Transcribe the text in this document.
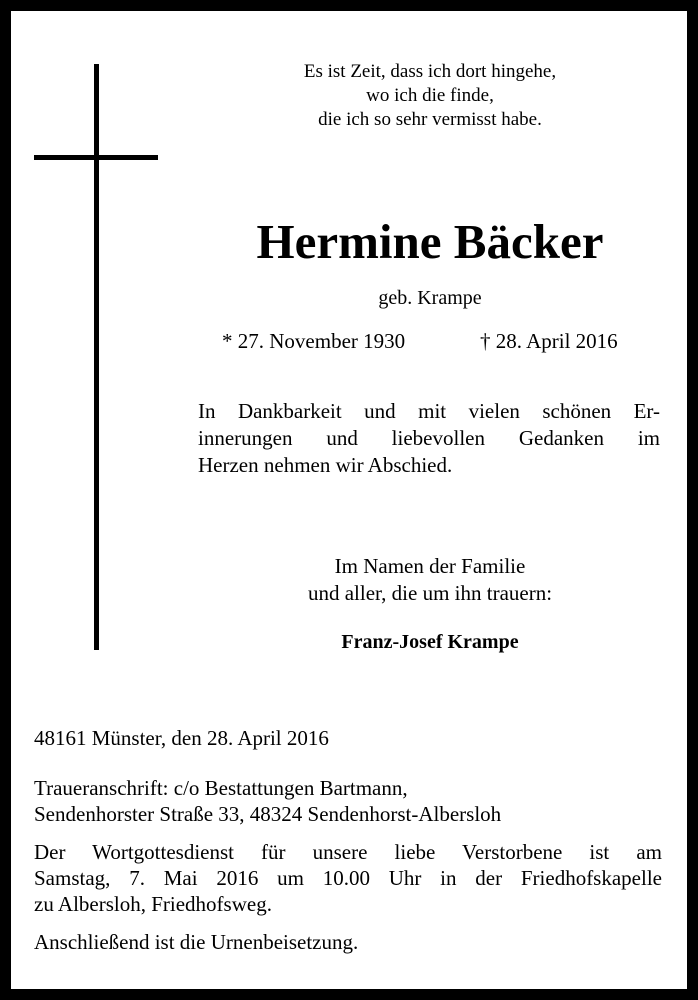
Es ist Zeit, dass ich dort hingehe,
wo ich die finde,
die ich so sehr vermisst habe.
Hermine Bäcker
geb. Krampe
* 27. November 1930	† 28. April 2016
In Dankbarkeit und mit vielen schönen Er-
innerungen und liebevollen Gedanken im
Herzen nehmen wir Abschied.
Im Namen der Familie
und aller, die um ihn trauern:
Franz-Josef Krampe
48161 Münster, den 28. April 2016
Traueranschrift: c/o Bestattungen Bartmann,
Sendenhorster Straße 33, 48324 Sendenhorst-Albersloh
Der Wortgottesdienst für unsere liebe Verstorbene ist am
Samstag, 7. Mai 2016 um 10.00 Uhr in der Friedhofskapelle
zu Albersloh, Friedhofsweg.
Anschließend ist die Urnenbeisetzung.
